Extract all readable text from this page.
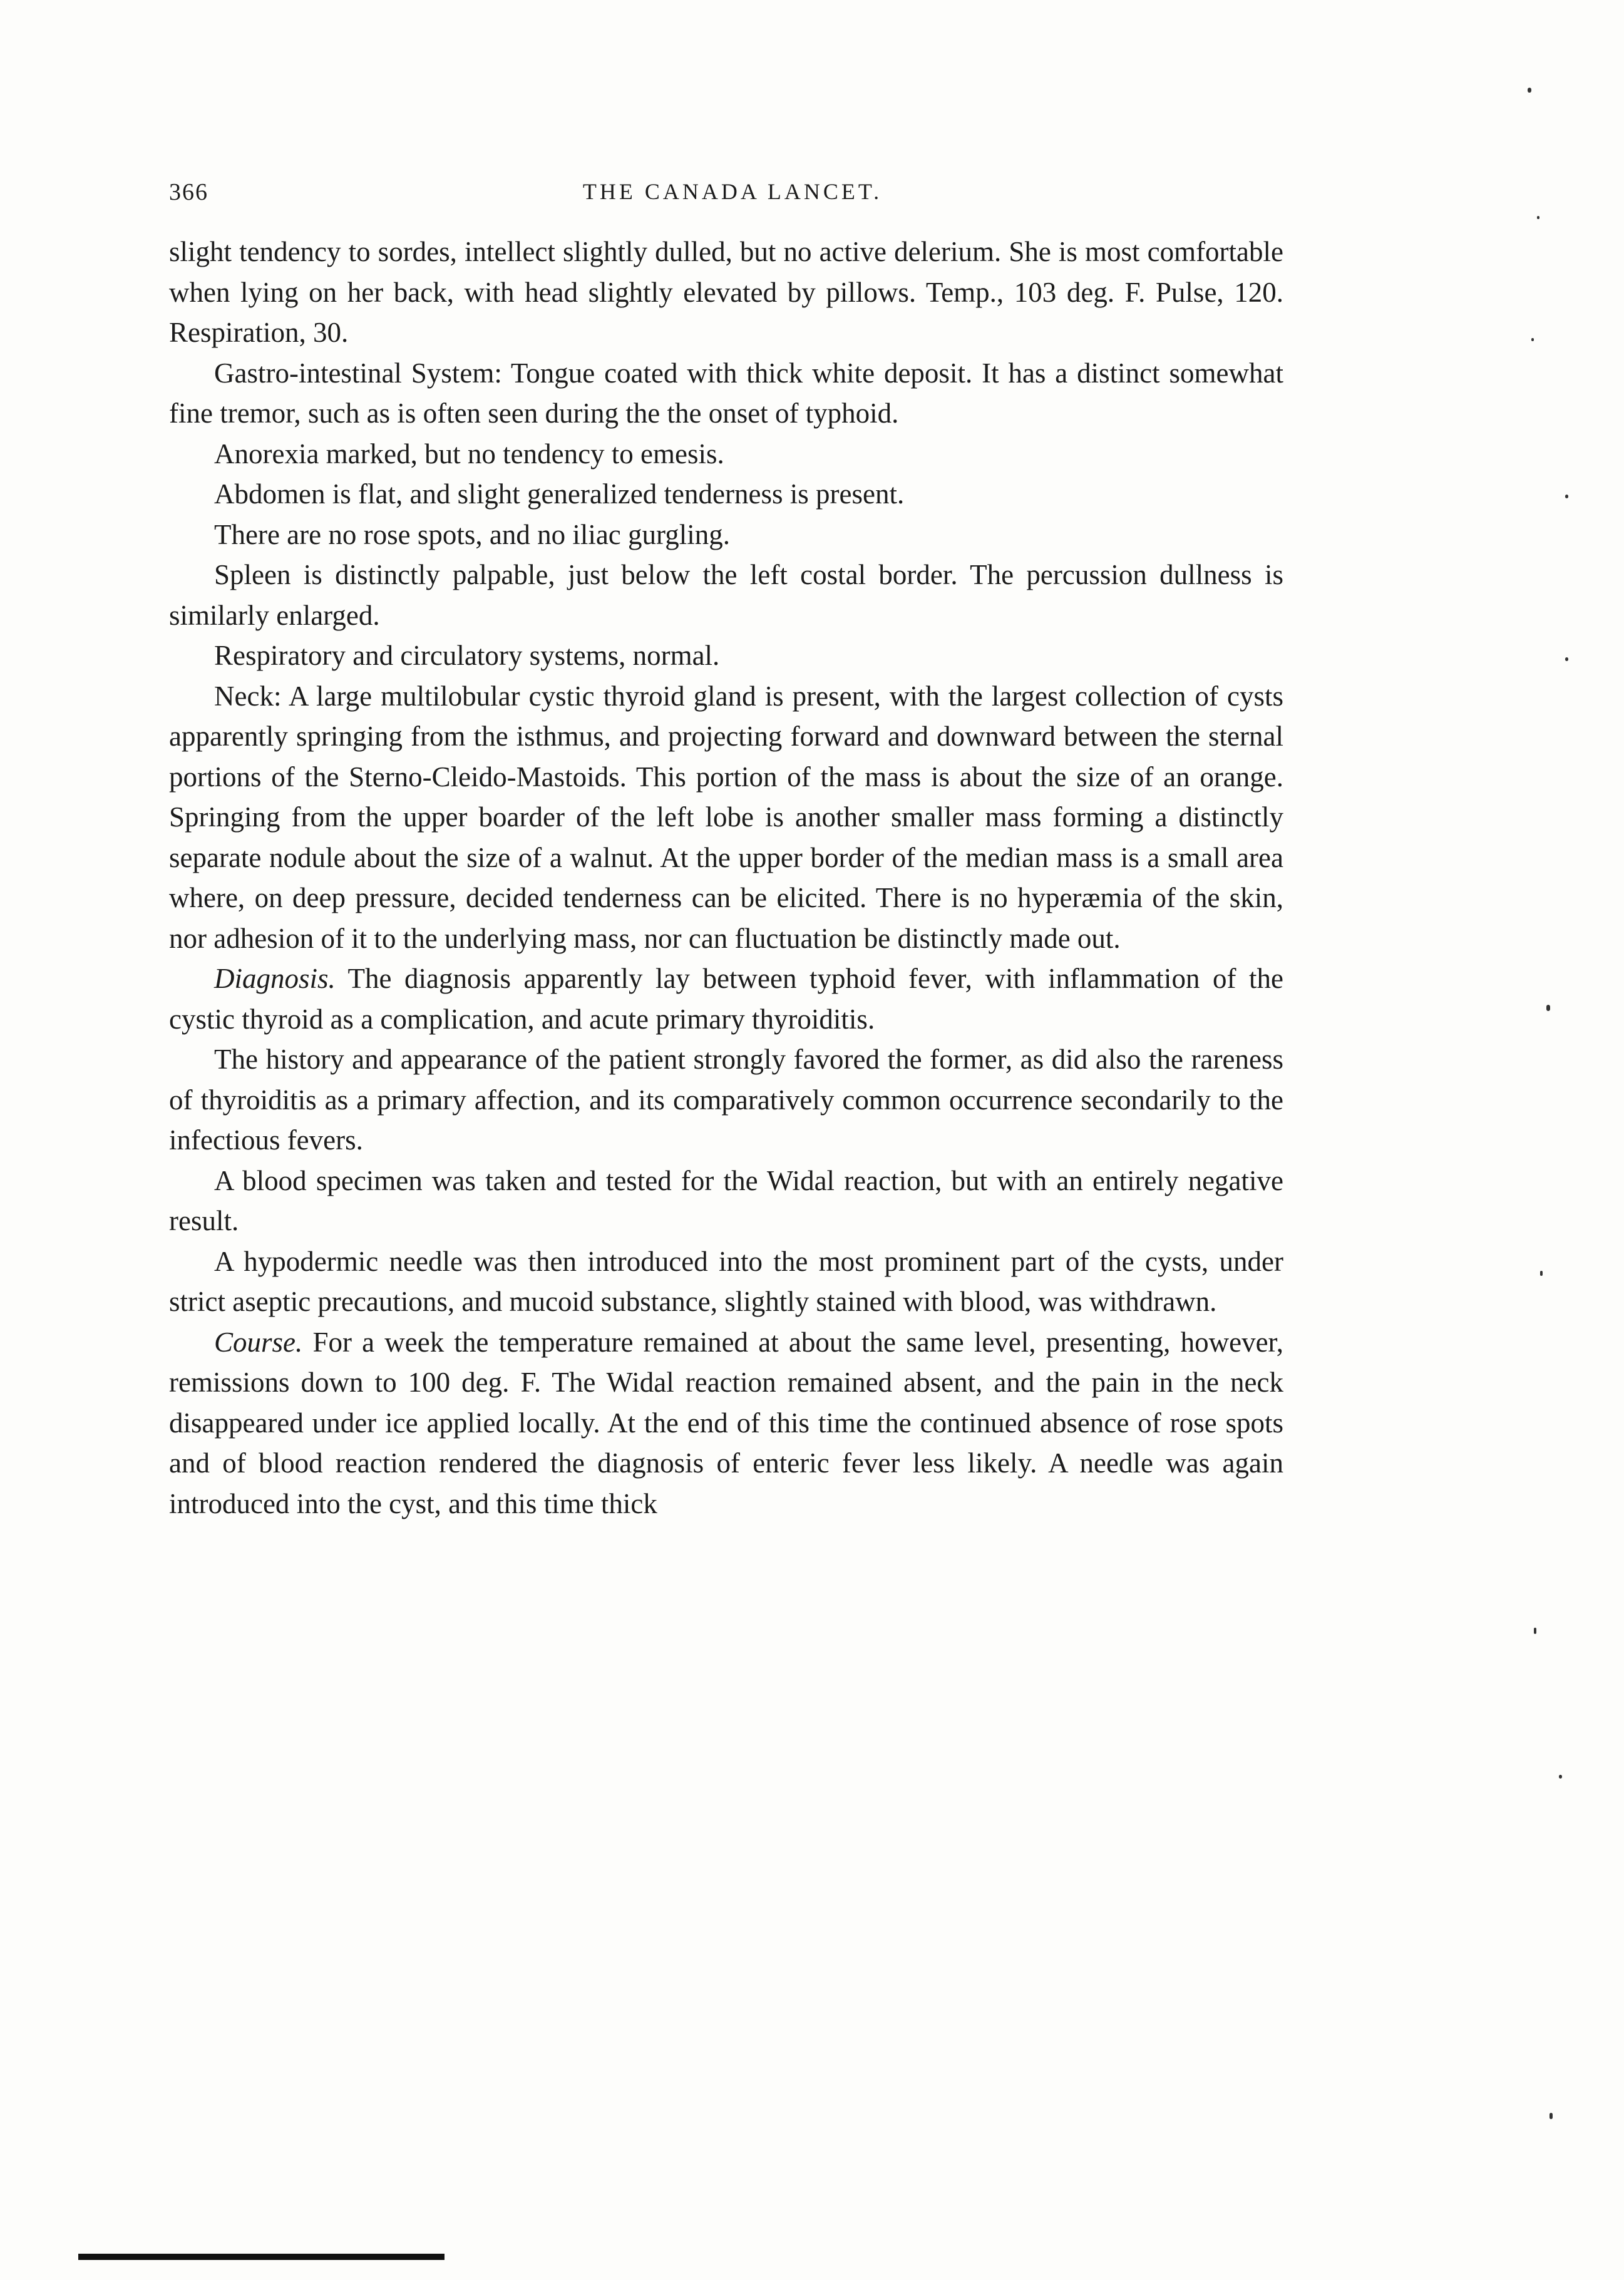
366	THE CANADA LANCET.

slight tendency to sordes, intellect slightly dulled, but no active delerium. She is most comfortable when lying on her back, with head slightly elevated by pillows. Temp., 103 deg. F. Pulse, 120. Respiration, 30.

Gastro-intestinal System: Tongue coated with thick white deposit. It has a distinct somewhat fine tremor, such as is often seen during the the onset of typhoid.

Anorexia marked, but no tendency to emesis.

Abdomen is flat, and slight generalized tenderness is present.

There are no rose spots, and no iliac gurgling.

Spleen is distinctly palpable, just below the left costal border. The percussion dullness is similarly enlarged.

Respiratory and circulatory systems, normal.

Neck: A large multilobular cystic thyroid gland is present, with the largest collection of cysts apparently springing from the isthmus, and projecting forward and downward between the sternal portions of the Sterno-Cleido-Mastoids. This portion of the mass is about the size of an orange. Springing from the upper boarder of the left lobe is another smaller mass forming a distinctly separate nodule about the size of a walnut. At the upper border of the median mass is a small area where, on deep pressure, decided tenderness can be elicited. There is no hyperæmia of the skin, nor adhesion of it to the underlying mass, nor can fluctuation be distinctly made out.

Diagnosis. The diagnosis apparently lay between typhoid fever, with inflammation of the cystic thyroid as a complication, and acute primary thyroiditis.

The history and appearance of the patient strongly favored the former, as did also the rareness of thyroiditis as a primary affection, and its comparatively common occurrence secondarily to the infectious fevers.

A blood specimen was taken and tested for the Widal reaction, but with an entirely negative result.

A hypodermic needle was then introduced into the most prominent part of the cysts, under strict aseptic precautions, and mucoid substance, slightly stained with blood, was withdrawn.

Course. For a week the temperature remained at about the same level, presenting, however, remissions down to 100 deg. F. The Widal reaction remained absent, and the pain in the neck disappeared under ice applied locally. At the end of this time the continued absence of rose spots and of blood reaction rendered the diagnosis of enteric fever less likely. A needle was again introduced into the cyst, and this time thick
